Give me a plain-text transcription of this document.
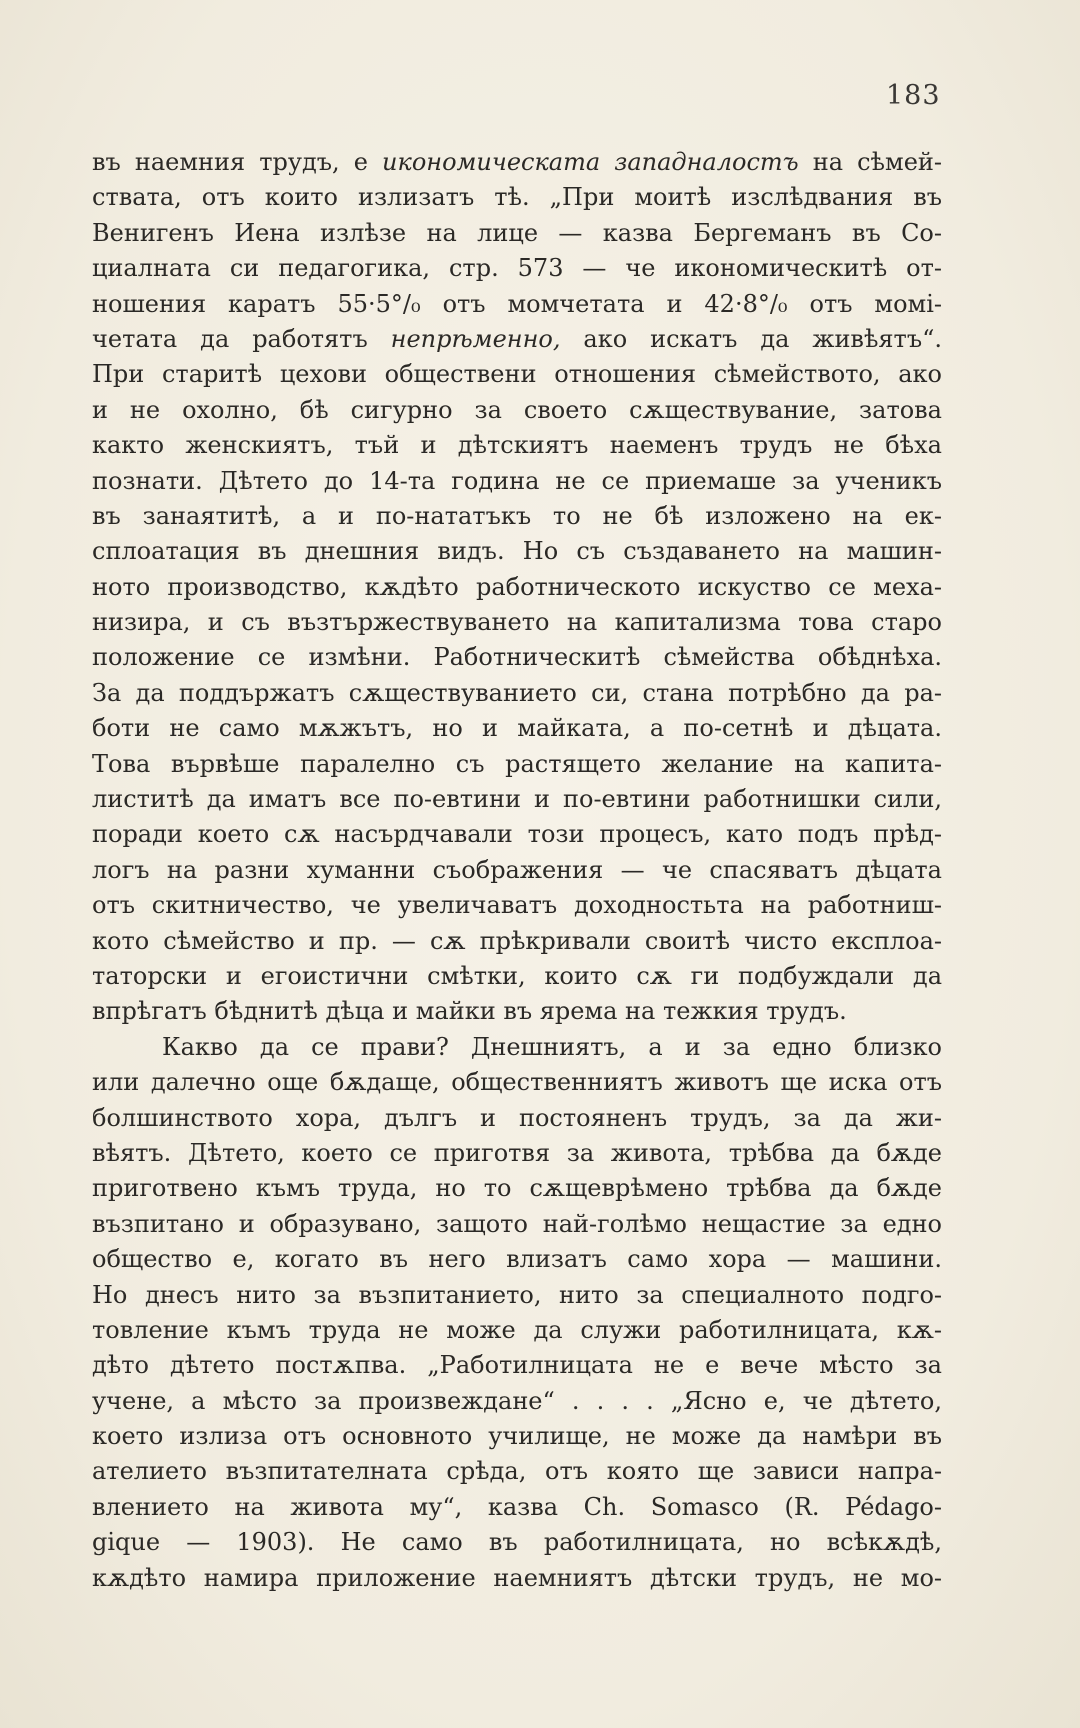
183
въ наемния трудъ, е икономическата западналостъ на сѣмей-
ствата, отъ които излизатъ тѣ. „При моитѣ изслѣдвания въ
Венигенъ Иена излѣзе на лице — казва Бергеманъ въ Со-
циалната си педагогика, стр. 573 — че икономическитѣ от-
ношения каратъ 55·5°/₀ отъ момчетата и 42·8°/₀ отъ момі-
четата да работятъ непрѣменно, ако искатъ да живѣятъ“.
При старитѣ цехови обществени отношения сѣмейството, ако
и не охолно, бѣ сигурно за своето сѫществувание, затова
както женскиятъ, тъй и дѣтскиятъ наеменъ трудъ не бѣха
познати. Дѣтето до 14-та година не се приемаше за ученикъ
въ занаятитѣ, а и по-нататъкъ то не бѣ изложено на ек-
сплоатация въ днешния видъ. Но съ създаването на машин-
ното производство, кѫдѣто работническото искуство се меха-
низира, и съ възтържествуването на капитализма това старо
положение се измѣни. Работническитѣ сѣмейства обѣднѣха.
За да поддържатъ сѫществуванието си, стана потрѣбно да ра-
боти не само мѫжътъ, но и майката, а по-сетнѣ и дѣцата.
Това вървѣше паралелно съ растящето желание на капита-
листитѣ да иматъ все по-евтини и по-евтини работнишки сили,
поради което сѫ насърдчавали този процесъ, като подъ прѣд-
логъ на разни хуманни съображения — че спасяватъ дѣцата
отъ скитничество, че увеличаватъ доходностьта на работниш-
кото сѣмейство и пр. — сѫ прѣкривали своитѣ чисто експлоа-
таторски и егоистични смѣтки, които сѫ ги подбуждали да
впрѣгатъ бѣднитѣ дѣца и майки въ ярема на тежкия трудъ.
Какво да се прави? Днешниятъ, а и за едно близко
или далечно още бѫдаще, общественниятъ животъ ще иска отъ
болшинството хора, дългъ и постояненъ трудъ, за да жи-
вѣятъ. Дѣтето, което се приготвя за живота, трѣбва да бѫде
приготвено къмъ труда, но то сѫщеврѣмено трѣбва да бѫде
възпитано и образувано, защото най-голѣмо нещастие за едно
общество е, когато въ него влизатъ само хора — машини.
Но днесъ нито за възпитанието, нито за специалното подго-
товление къмъ труда не може да служи работилницата, кѫ-
дѣто дѣтето постѫпва. „Работилницата не е вече мѣсто за
учене, а мѣсто за произвеждане“ . . . . „Ясно е, че дѣтето,
което излиза отъ основното училище, не може да намѣри въ
ателието възпитателната срѣда, отъ която ще зависи напра-
влението на живота му“, казва Ch. Somasco (R. Pédago-
gique — 1903). Не само въ работилницата, но всѣкѫдѣ,
кѫдѣто намира приложение наемниятъ дѣтски трудъ, не мо-
